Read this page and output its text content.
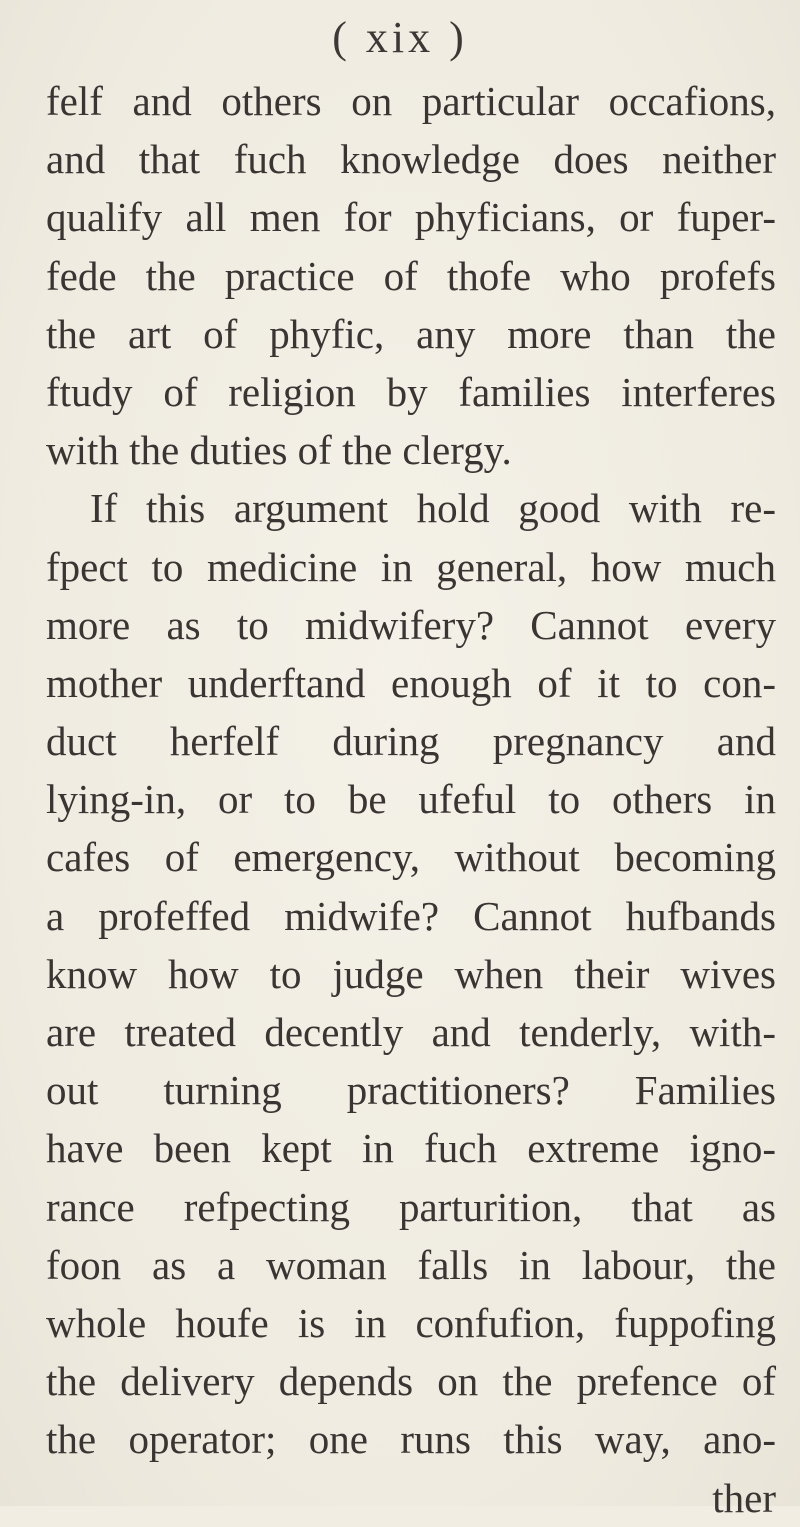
( xix )
felf and others on particular occafions,
and that fuch knowledge does neither
qualify all men for phyficians, or fuper-
fede the practice of thofe who profefs
the art of phyfic, any more than the
ftudy of religion by families interferes
with the duties of the clergy.
If this argument hold good with re-
fpect to medicine in general, how much
more as to midwifery? Cannot every
mother underftand enough of it to con-
duct herfelf during pregnancy and
lying-in, or to be ufeful to others in
cafes of emergency, without becoming
a profeffed midwife? Cannot hufbands
know how to judge when their wives
are treated decently and tenderly, with-
out turning practitioners? Families
have been kept in fuch extreme igno-
rance refpecting parturition, that as
foon as a woman falls in labour, the
whole houfe is in confufion, fuppofing
the delivery depends on the prefence of
the operator; one runs this way, ano-
ther
